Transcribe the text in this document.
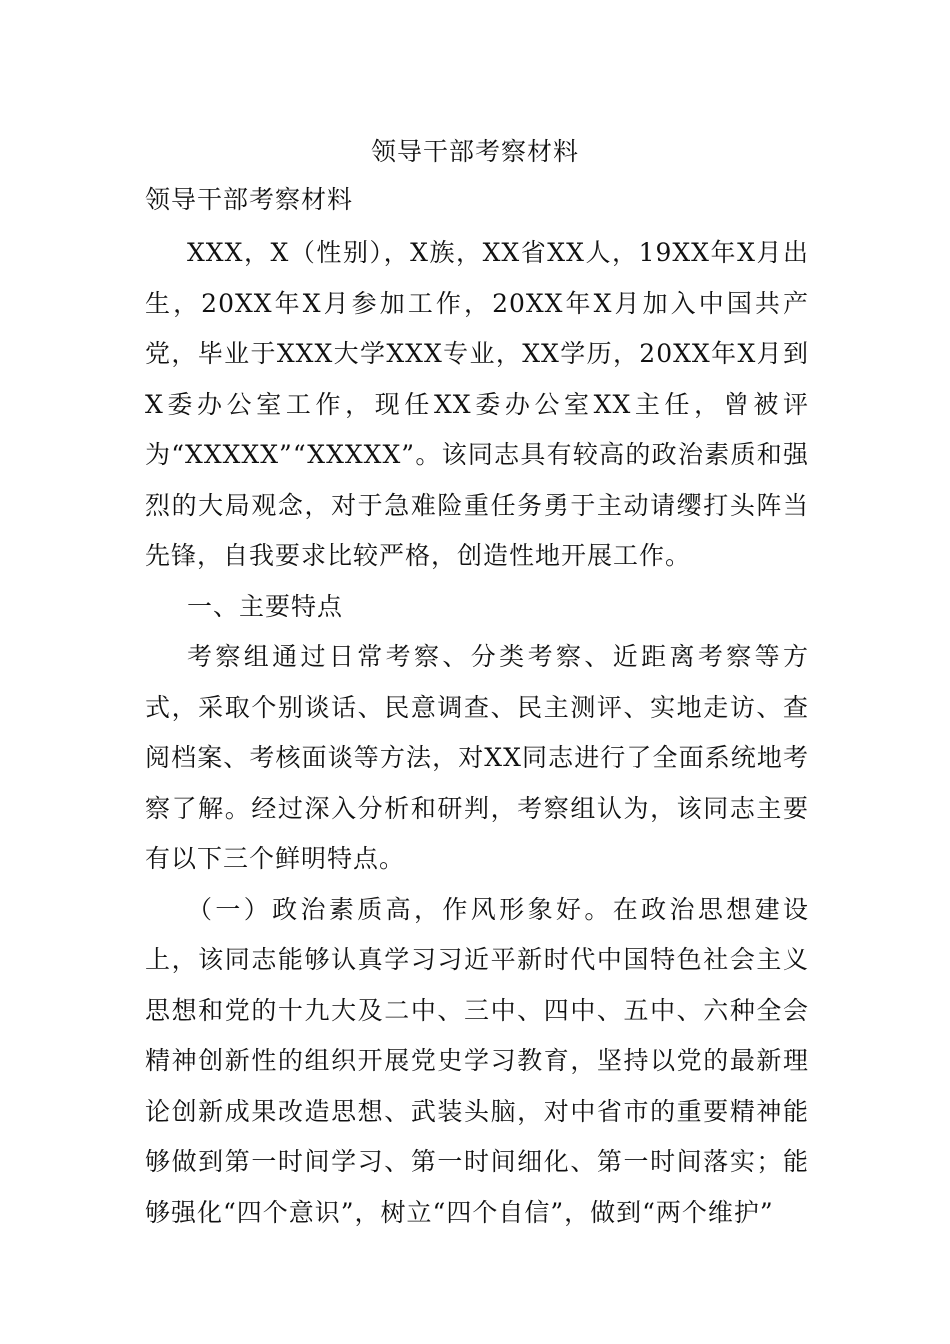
领导干部考察材料

领导干部考察材料

XXX，X（性别），X族，XX省XX人，19XX年X月出生，20XX年X月参加工作，20XX年X月加入中国共产党，毕业于XXX大学XXX专业，XX学历，20XX年X月到X委办公室工作，现任XX委办公室XX主任，曾被评为“XXXXX”“XXXXX”。该同志具有较高的政治素质和强烈的大局观念，对于急难险重任务勇于主动请缨打头阵当先锋，自我要求比较严格，创造性地开展工作。

一、主要特点

考察组通过日常考察、分类考察、近距离考察等方式，采取个别谈话、民意调查、民主测评、实地走访、查阅档案、考核面谈等方法，对XX同志进行了全面系统地考察了解。经过深入分析和研判，考察组认为，该同志主要有以下三个鲜明特点。

（一）政治素质高，作风形象好。在政治思想建设上，该同志能够认真学习习近平新时代中国特色社会主义思想和党的十九大及二中、三中、四中、五中、六种全会精神创新性的组织开展党史学习教育，坚持以党的最新理论创新成果改造思想、武装头脑，对中省市的重要精神能够做到第一时间学习、第一时间细化、第一时间落实；能够强化“四个意识”，树立“四个自信”，做到“两个维护”
